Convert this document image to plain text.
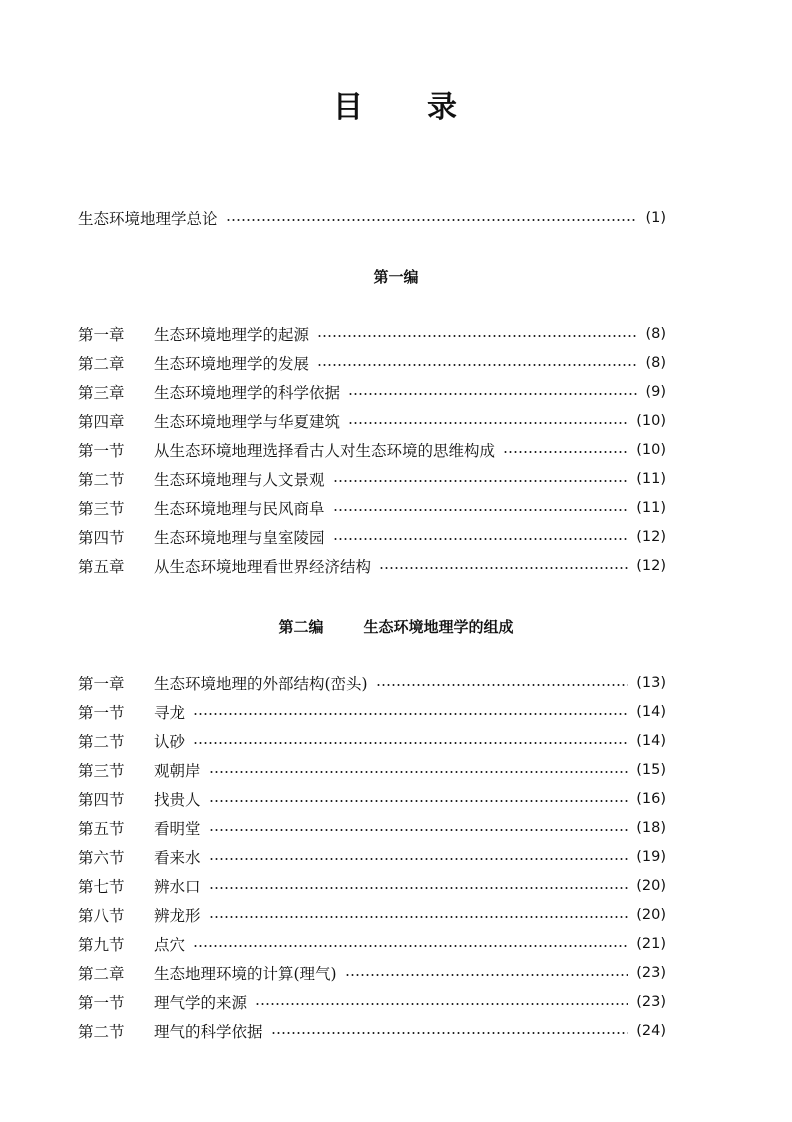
目 录
生态环境地理学总论	(1)
第一编
第一章	生态环境地理学的起源	(8)
第二章	生态环境地理学的发展	(8)
第三章	生态环境地理学的科学依据	(9)
第四章	生态环境地理学与华夏建筑	(10)
第一节	从生态环境地理选择看古人对生态环境的思维构成	(10)
第二节	生态环境地理与人文景观	(11)
第三节	生态环境地理与民风商阜	(11)
第四节	生态环境地理与皇室陵园	(12)
第五章	从生态环境地理看世界经济结构	(12)
第二编	生态环境地理学的组成
第一章	生态环境地理的外部结构(峦头)	(13)
第一节	寻龙	(14)
第二节	认砂	(14)
第三节	观朝岸	(15)
第四节	找贵人	(16)
第五节	看明堂	(18)
第六节	看来水	(19)
第七节	辨水口	(20)
第八节	辨龙形	(20)
第九节	点穴	(21)
第二章	生态地理环境的计算(理气)	(23)
第一节	理气学的来源	(23)
第二节	理气的科学依据	(24)
